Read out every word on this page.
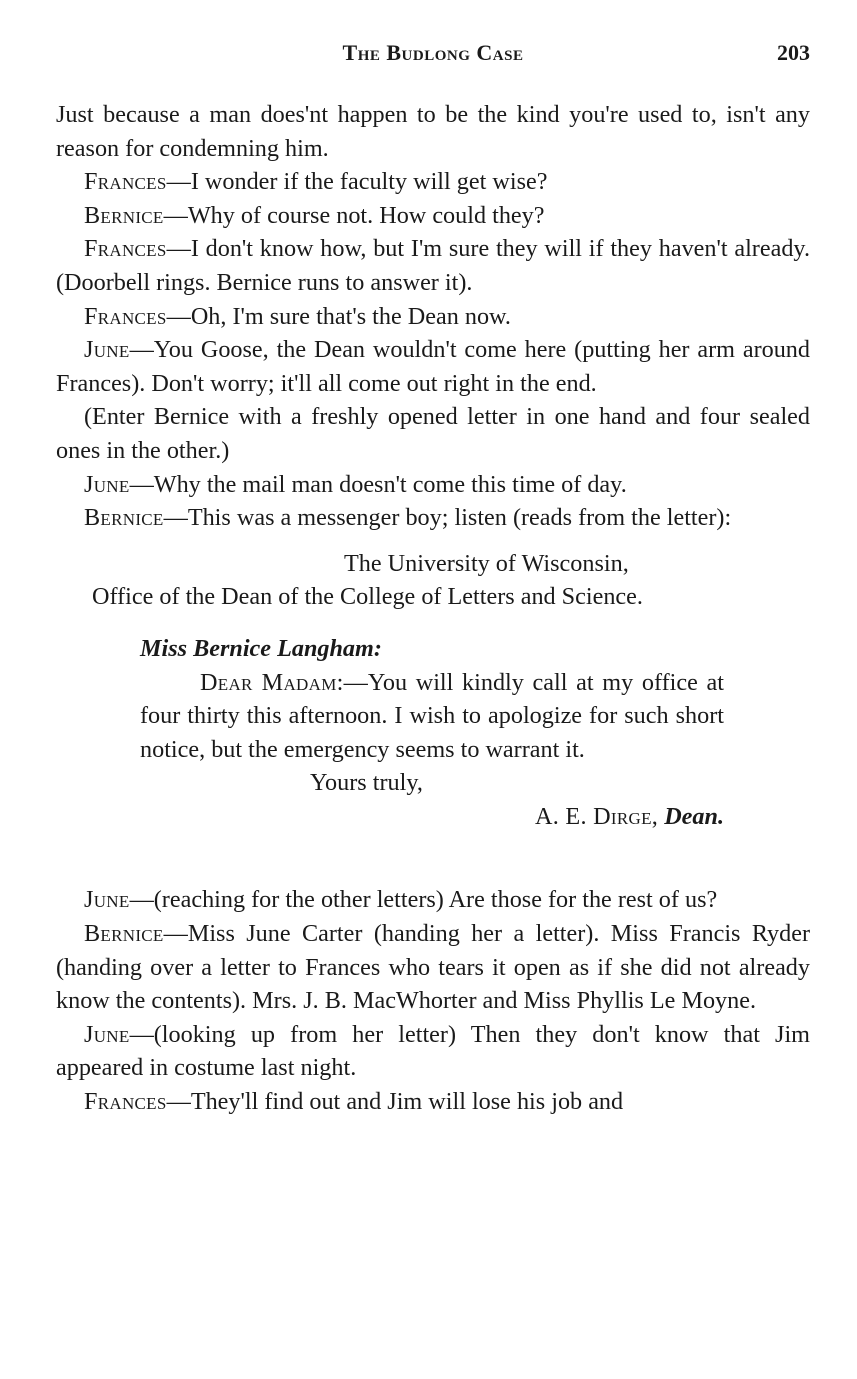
The Budlong Case	203

Just because a man does'nt happen to be the kind you're used to, isn't any reason for condemning him.

Frances—I wonder if the faculty will get wise?

Bernice—Why of course not. How could they?

Frances—I don't know how, but I'm sure they will if they haven't already. (Doorbell rings. Bernice runs to answer it).

Frances—Oh, I'm sure that's the Dean now.

June—You Goose, the Dean wouldn't come here (putting her arm around Frances). Don't worry; it'll all come out right in the end.

(Enter Bernice with a freshly opened letter in one hand and four sealed ones in the other.)

June—Why the mail man doesn't come this time of day.

Bernice—This was a messenger boy; listen (reads from the letter):

The University of Wisconsin,
Office of the Dean of the College of Letters and Science.
Miss Bernice Langham:

Dear Madam:—You will kindly call at my office at four thirty this afternoon. I wish to apologize for such short notice, but the emergency seems to warrant it.

Yours truly,
A. E. Dirge, Dean.

June—(reaching for the other letters) Are those for the rest of us?

Bernice—Miss June Carter (handing her a letter). Miss Francis Ryder (handing over a letter to Frances who tears it open as if she did not already know the contents). Mrs. J. B. MacWhorter and Miss Phyllis Le Moyne.

June—(looking up from her letter) Then they don't know that Jim appeared in costume last night.

Frances—They'll find out and Jim will lose his job and
